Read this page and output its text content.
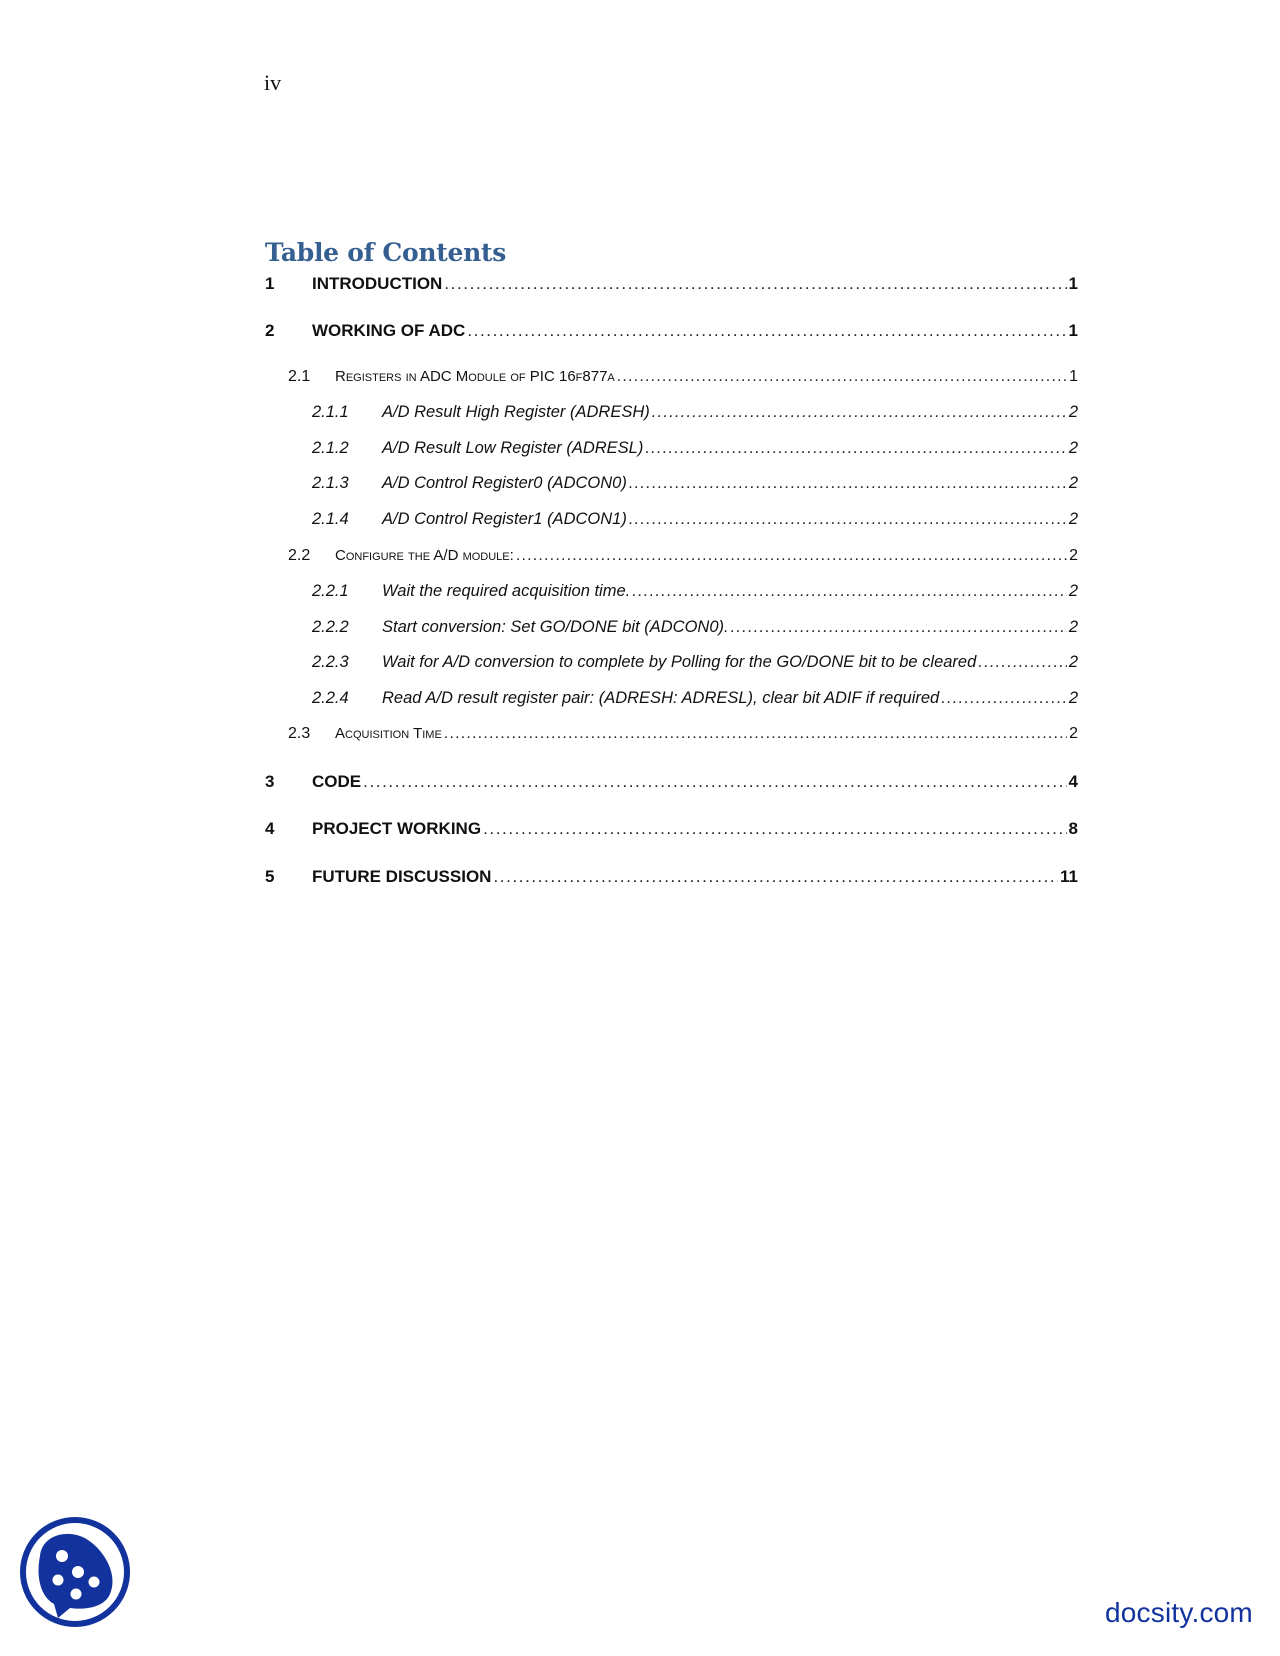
iv
Table of Contents
1	INTRODUCTION .....	1
2	WORKING OF ADC .....	1
2.1	Registers in ADC Module of PIC 16f877a .....	1
2.1.1	A/D Result High Register (ADRESH) .....	2
2.1.2	A/D Result Low Register (ADRESL) .....	2
2.1.3	A/D Control Register0 (ADCON0) .....	2
2.1.4	A/D Control Register1 (ADCON1) .....	2
2.2	Configure the A/D module: .....	2
2.2.1	Wait the required acquisition time. .....	2
2.2.2	Start conversion: Set GO/DONE bit (ADCON0). .....	2
2.2.3	Wait for A/D conversion to complete by Polling for the GO/DONE bit to be cleared .....	2
2.2.4	Read A/D result register pair: (ADRESH: ADRESL), clear bit ADIF if required .....	2
2.3	Acquisition Time .....	2
3	CODE .....	4
4	PROJECT WORKING .....	8
5	FUTURE DISCUSSION .....	11
docsity.com
